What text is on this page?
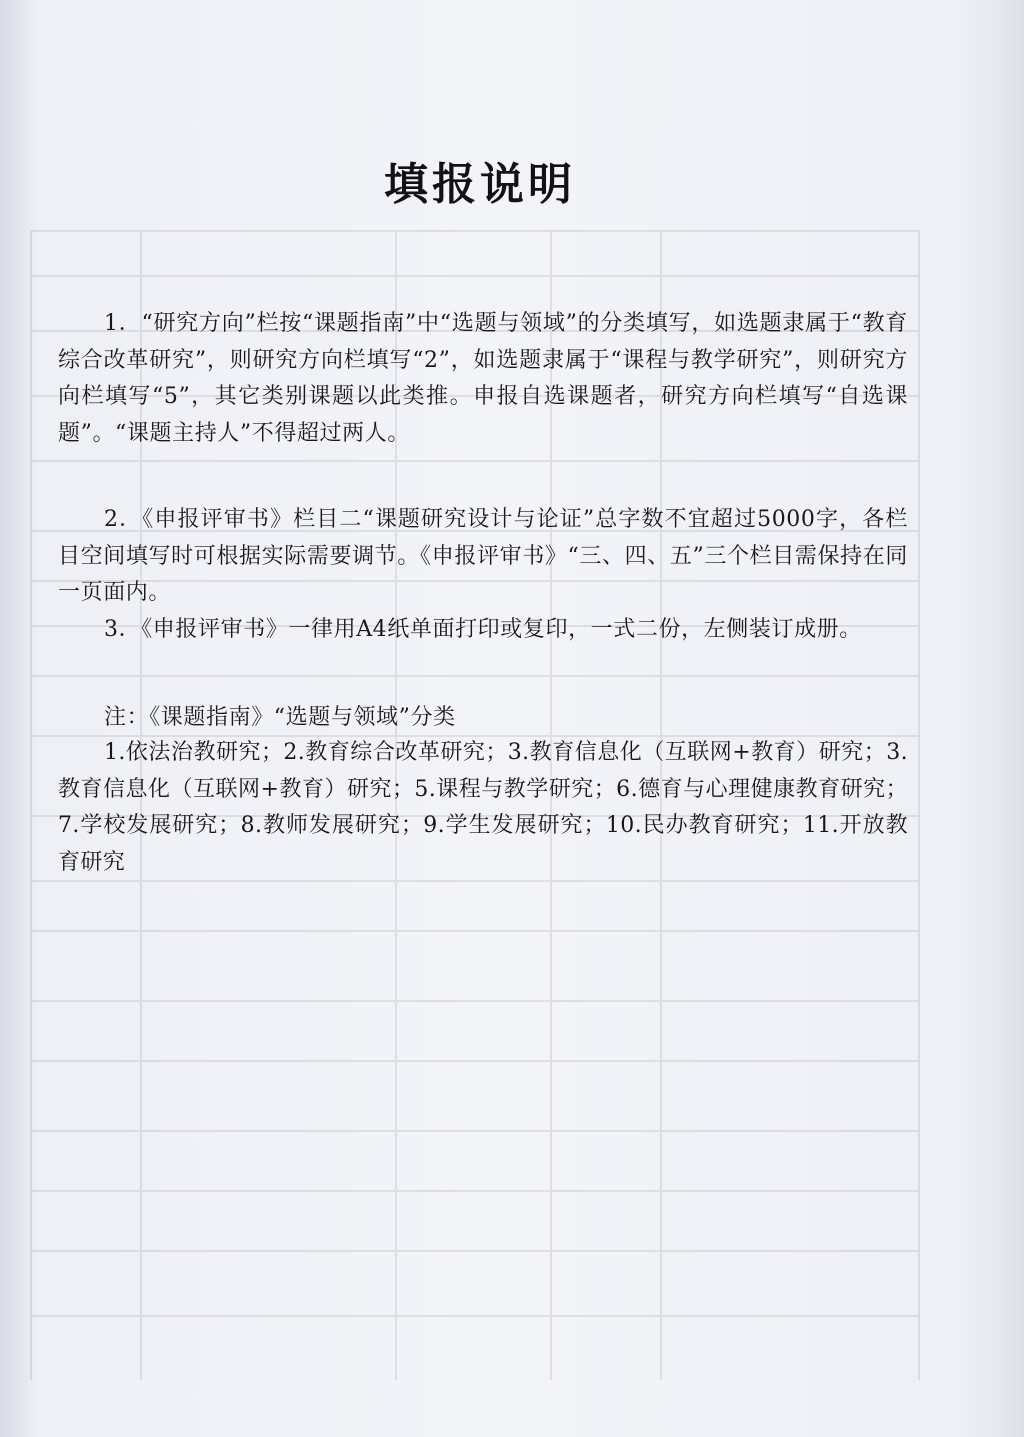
填报说明
1．“研究方向”栏按“课题指南”中“选题与领域”的分类填写，如选题隶属于“教育综合改革研究”，则研究方向栏填写“2”，如选题隶属于“课程与教学研究”，则研究方向栏填写“5”，其它类别课题以此类推。申报自选课题者，研究方向栏填写“自选课题”。“课题主持人”不得超过两人。
2．《申报评审书》栏目二“课题研究设计与论证”总字数不宜超过5000字，各栏目空间填写时可根据实际需要调节。《申报评审书》“三、四、五”三个栏目需保持在同一页面内。
3．《申报评审书》一律用A4纸单面打印或复印，一式二份，左侧装订成册。
注：《课题指南》“选题与领域”分类
1.依法治教研究；2.教育综合改革研究；3.教育信息化（互联网+教育）研究；3.教育信息化（互联网+教育）研究；5.课程与教学研究；6.德育与心理健康教育研究；7.学校发展研究；8.教师发展研究；9.学生发展研究；10.民办教育研究；11.开放教育研究
